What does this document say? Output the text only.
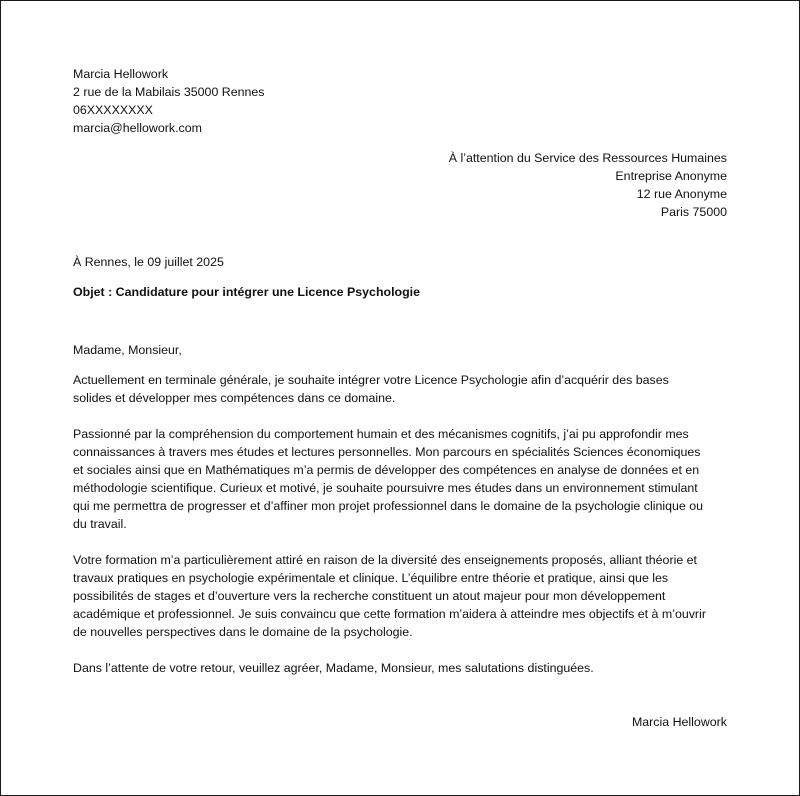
Marcia Hellowork
2 rue de la Mabilais 35000 Rennes
06XXXXXXXX
marcia@hellowork.com
À l’attention du Service des Ressources Humaines
Entreprise Anonyme
12 rue Anonyme
Paris 75000
À Rennes, le 09 juillet 2025
Objet : Candidature pour intégrer une Licence Psychologie
Madame, Monsieur,
Actuellement en terminale générale, je souhaite intégrer votre Licence Psychologie afin d’acquérir des bases
solides et développer mes compétences dans ce domaine.
Passionné par la compréhension du comportement humain et des mécanismes cognitifs, j’ai pu approfondir mes
connaissances à travers mes études et lectures personnelles. Mon parcours en spécialités Sciences économiques
et sociales ainsi que en Mathématiques m’a permis de développer des compétences en analyse de données et en
méthodologie scientifique. Curieux et motivé, je souhaite poursuivre mes études dans un environnement stimulant
qui me permettra de progresser et d’affiner mon projet professionnel dans le domaine de la psychologie clinique ou
du travail.
Votre formation m’a particulièrement attiré en raison de la diversité des enseignements proposés, alliant théorie et
travaux pratiques en psychologie expérimentale et clinique. L’équilibre entre théorie et pratique, ainsi que les
possibilités de stages et d’ouverture vers la recherche constituent un atout majeur pour mon développement
académique et professionnel. Je suis convaincu que cette formation m’aidera à atteindre mes objectifs et à m’ouvrir
de nouvelles perspectives dans le domaine de la psychologie.
Dans l’attente de votre retour, veuillez agréer, Madame, Monsieur, mes salutations distinguées.
Marcia Hellowork
